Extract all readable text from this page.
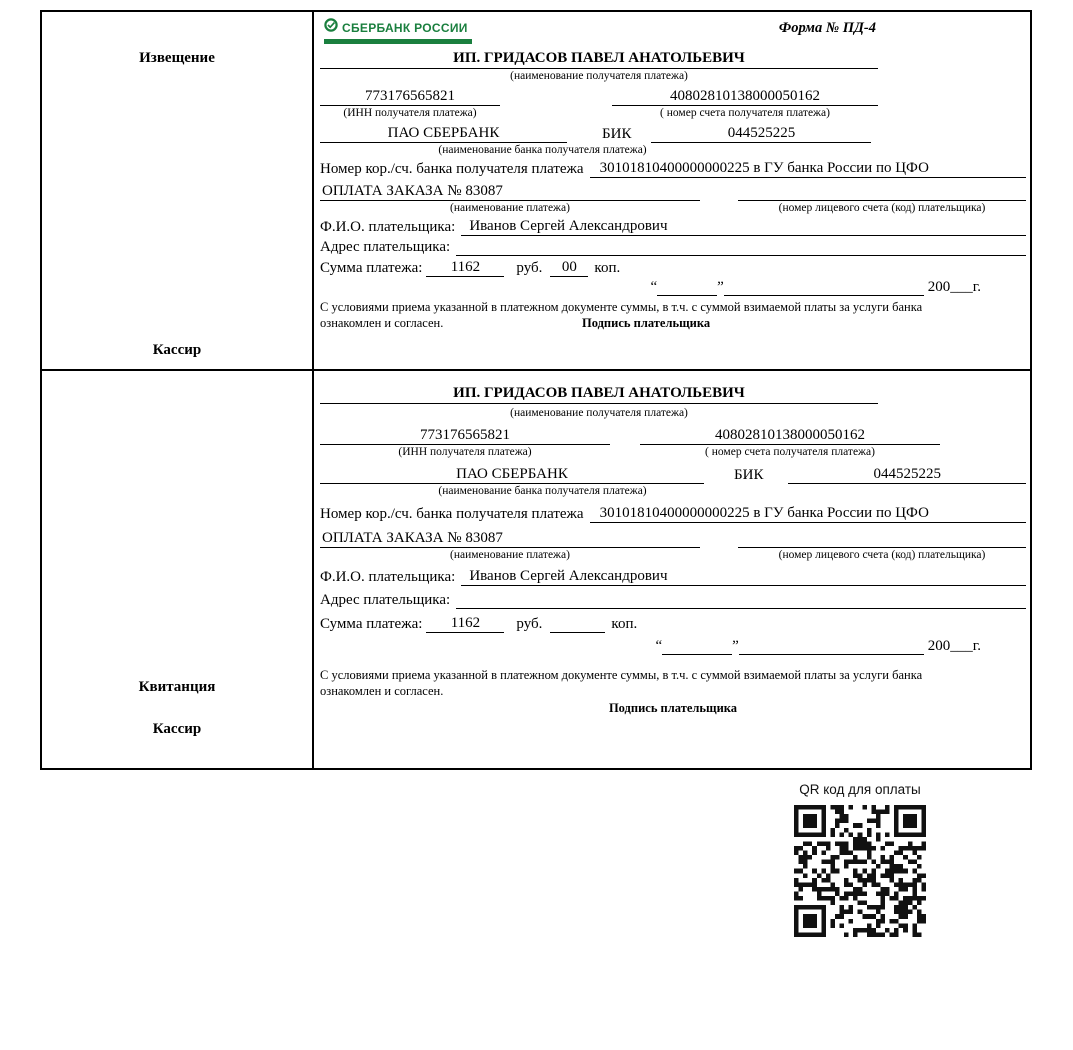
Извещение
Кассир
СБЕРБАНК РОССИИ	Форма № ПД-4
ИП. ГРИДАСОВ ПАВЕЛ АНАТОЛЬЕВИЧ
(наименование получателя платежа)
773176565821	40802810138000050162
(ИНН получателя платежа)	( номер счета получателя платежа)
ПАО СБЕРБАНК	БИК	044525225
(наименование банка получателя платежа)
Номер кор./сч. банка получателя платежа	30101810400000000225 в ГУ банка России по ЦФО
ОПЛАТА ЗАКАЗА № 83087
(наименование платежа)	(номер лицевого счета (код) плательщика)
Ф.И.О. плательщика: Иванов Сергей Александрович
Адрес плательщика:
Сумма платежа:	1162	руб.	00	коп.
“	”	200___г.
С условиями приема указанной в платежном документе суммы, в т.ч. с суммой взимаемой платы за услуги банка ознакомлен и согласен.	Подпись плательщика
Квитанция
Кассир
ИП. ГРИДАСОВ ПАВЕЛ АНАТОЛЬЕВИЧ
(наименование получателя платежа)
773176565821	40802810138000050162
(ИНН получателя платежа)	( номер счета получателя платежа)
ПАО СБЕРБАНК	БИК	044525225
(наименование банка получателя платежа)
Номер кор./сч. банка получателя платежа	30101810400000000225 в ГУ банка России по ЦФО
ОПЛАТА ЗАКАЗА № 83087
(наименование платежа)	(номер лицевого счета (код) плательщика)
Ф.И.О. плательщика: Иванов Сергей Александрович
Адрес плательщика:
Сумма платежа:	1162	руб.	коп.
“	”	200___г.
С условиями приема указанной в платежном документе суммы, в т.ч. с суммой взимаемой платы за услуги банка ознакомлен и согласен.
Подпись плательщика
QR код для оплаты
